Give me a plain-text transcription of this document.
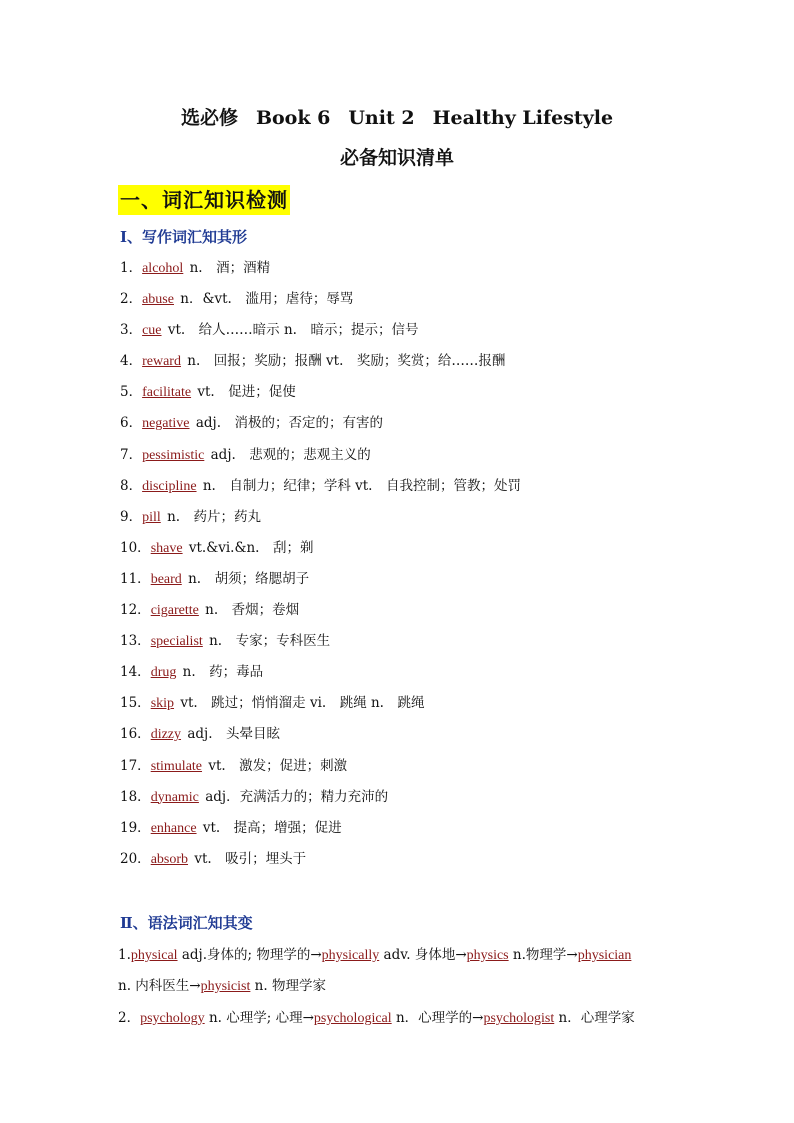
选必修 Book 6 Unit 2 Healthy Lifestyle
必备知识清单
一、词汇知识检测
Ⅰ、写作词汇知其形
1．alcohol n.　酒；酒精
2．abuse n．&vt.　滥用；虐待；辱骂
3．cue vt.　给人……暗示 n.　暗示；提示；信号
4．reward n.　回报；奖励；报酬 vt.　奖励；奖赏；给……报酬
5．facilitate vt.　促进；促使
6．negative adj.　消极的；否定的；有害的
7．pessimistic adj.　悲观的；悲观主义的
8．discipline n.　自制力；纪律；学科 vt.　自我控制；管教；处罚
9．pill n.　药片；药丸
10．shave vt.&vi.&n.　刮；剃
11．beard n.　胡须；络腮胡子
12．cigarette n.　香烟；卷烟
13．specialist n.　专家；专科医生
14．drug n.　药；毒品
15．skip vt.　跳过；悄悄溜走 vi.　跳绳 n.　跳绳
16．dizzy adj.　头晕目眩
17．stimulate vt.　激发；促进；刺激
18．dynamic adj．充满活力的；精力充沛的
19．enhance vt.　提高；增强；促进
20．absorb vt.　吸引；埋头于
Ⅱ、语法词汇知其变
1.physical adj.身体的; 物理学的→physically adv. 身体地→physics n.物理学→physician
n. 内科医生→physicist n. 物理学家
2．psychology n. 心理学; 心理→psychological n．心理学的→psychologist n．心理学家
